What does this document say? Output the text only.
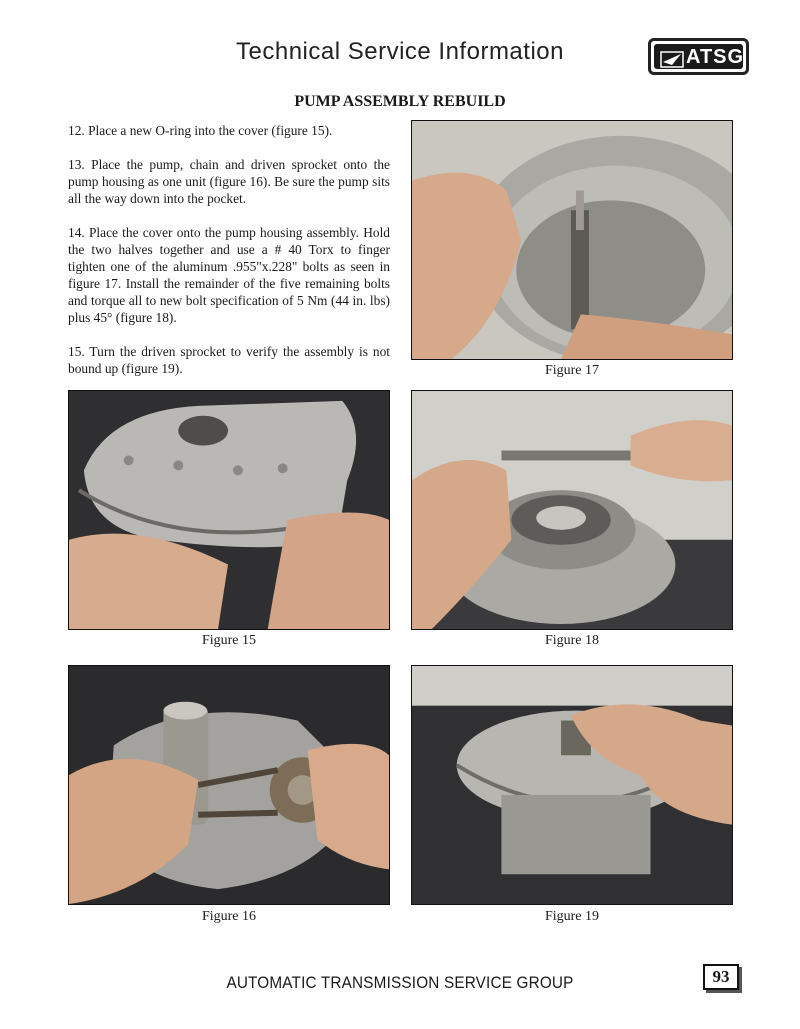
Technical Service Information	ATSG
PUMP ASSEMBLY REBUILD

12. Place a new O-ring into the cover (figure 15).

13. Place the pump, chain and driven sprocket onto the pump housing as one unit (figure 16). Be sure the pump sits all the way down into the pocket.

14. Place the cover onto the pump housing assembly. Hold the two halves together and use a # 40 Torx to finger tighten one of the aluminum .955"x.228" bolts as seen in figure 17. Install the remainder of the five remaining bolts and torque all to new bolt specification of 5 Nm (44 in. lbs) plus 45° (figure 18).

15. Turn the driven sprocket to verify the assembly is not bound up (figure 19).	Figure 17
Figure 15	Figure 18
Figure 16	Figure 19
AUTOMATIC TRANSMISSION SERVICE GROUP	93
